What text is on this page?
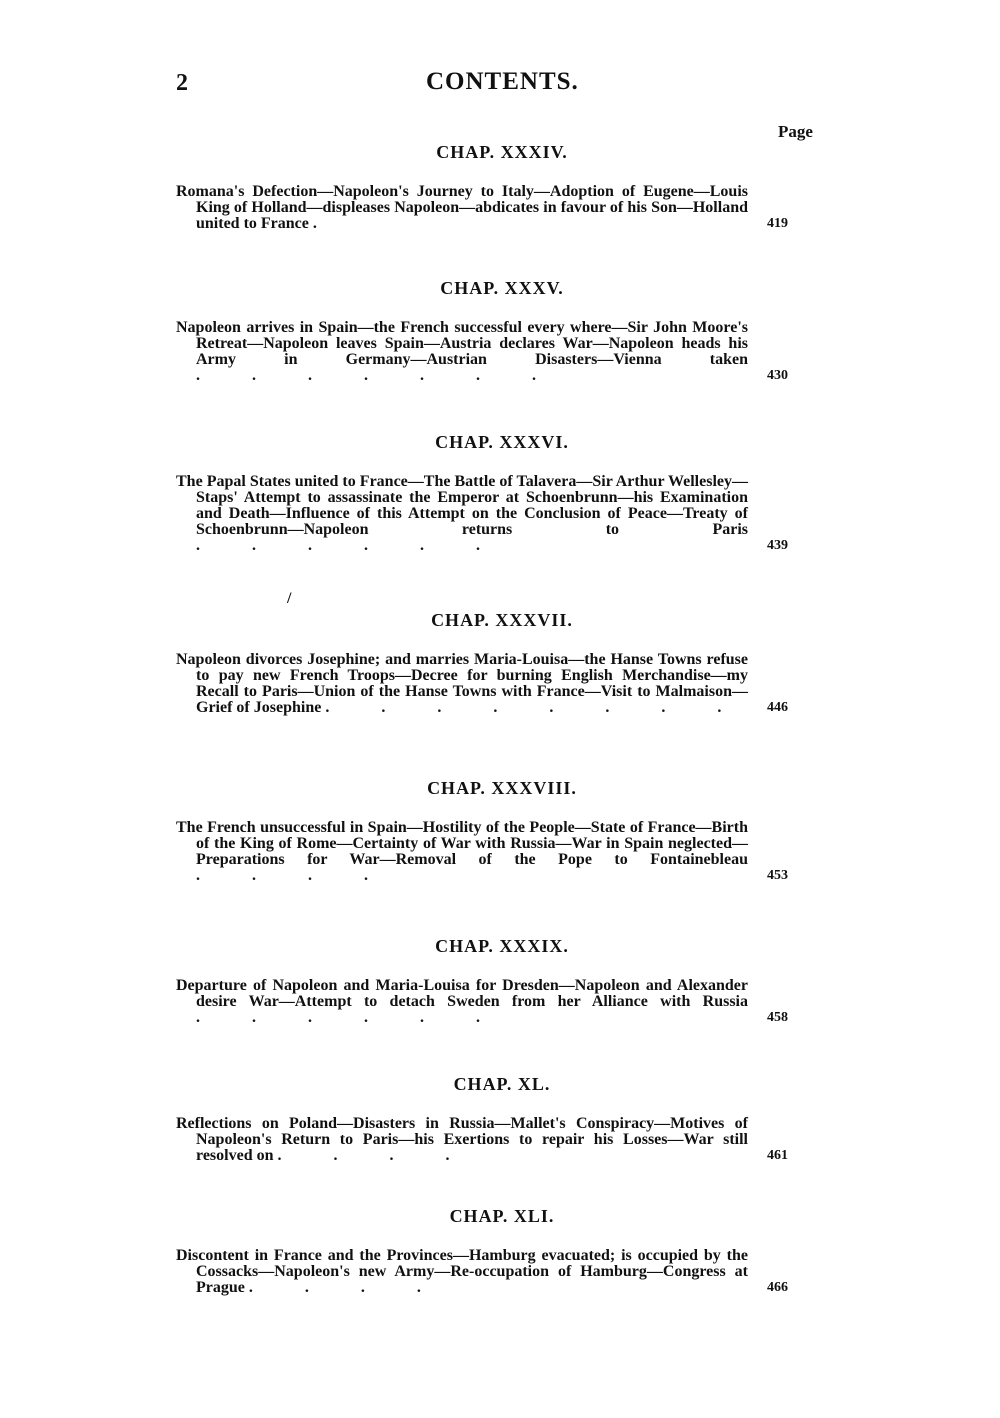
2	CONTENTS.
Page
/
CHAP. XXXIV.
Romana's Defection—Napoleon's Journey to Italy—Adoption of Eugene—Louis King of Holland—displeases Napoleon—abdicates in favour of his Son—Holland united to France .	419
CHAP. XXXV.
Napoleon arrives in Spain—the French successful every where—Sir John Moore's Retreat—Napoleon leaves Spain—Austria declares War—Napoleon heads his Army in Germany—Austrian Disasters—Vienna taken . . . . . . .	430
CHAP. XXXVI.
The Papal States united to France—The Battle of Talavera—Sir Arthur Wellesley—Staps' Attempt to assassinate the Emperor at Schoenbrunn—his Examination and Death—Influence of this Attempt on the Conclusion of Peace—Treaty of Schoenbrunn—Napoleon returns to Paris . . . . . .	439
CHAP. XXXVII.
Napoleon divorces Josephine; and marries Maria-Louisa—the Hanse Towns refuse to pay new French Troops—Decree for burning English Merchandise—my Recall to Paris—Union of the Hanse Towns with France—Visit to Malmaison—Grief of Josephine . . . . . . . . 446
CHAP. XXXVIII.
The French unsuccessful in Spain—Hostility of the People—State of France—Birth of the King of Rome—Certainty of War with Russia—War in Spain neglected—Preparations for War—Removal of the Pope to Fontainebleau . . . .	453
CHAP. XXXIX.
Departure of Napoleon and Maria-Louisa for Dresden—Napoleon and Alexander desire War—Attempt to detach Sweden from her Alliance with Russia . . . . . .	458
CHAP. XL.
Reflections on Poland—Disasters in Russia—Mallet's Conspiracy—Motives of Napoleon's Return to Paris—his Exertions to repair his Losses—War still resolved on . . . .	461
CHAP. XLI.
Discontent in France and the Provinces—Hamburg evacuated; is occupied by the Cossacks—Napoleon's new Army—Re-occupation of Hamburg—Congress at Prague . . . .	466
